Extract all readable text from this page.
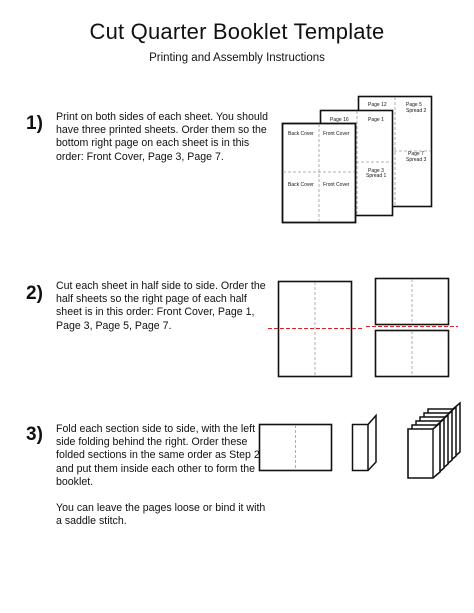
Cut Quarter Booklet Template
Printing and Assembly Instructions
1) Print on both sides of each sheet. You should have three printed sheets. Order them so the bottom right page on each sheet is in this order: Front Cover, Page 3, Page 7.

2) Cut each sheet in half side to side. Order the half sheets so the right page of each half sheet is in this order: Front Cover, Page 1, Page 3, Page 5, Page 7.

3) Fold each section side to side, with the left side folding behind the right. Order these folded sections in the same order as Step 2 and put them inside each other to form the booklet.

You can leave the pages loose or bind it with a saddle stitch.

Page 12	Page 5
Spread 2
Page 7
Spread 3
Page 16	Page 1
Page 3
Spread 1
Back Cover Front Cover
Back Cover Front Cover
